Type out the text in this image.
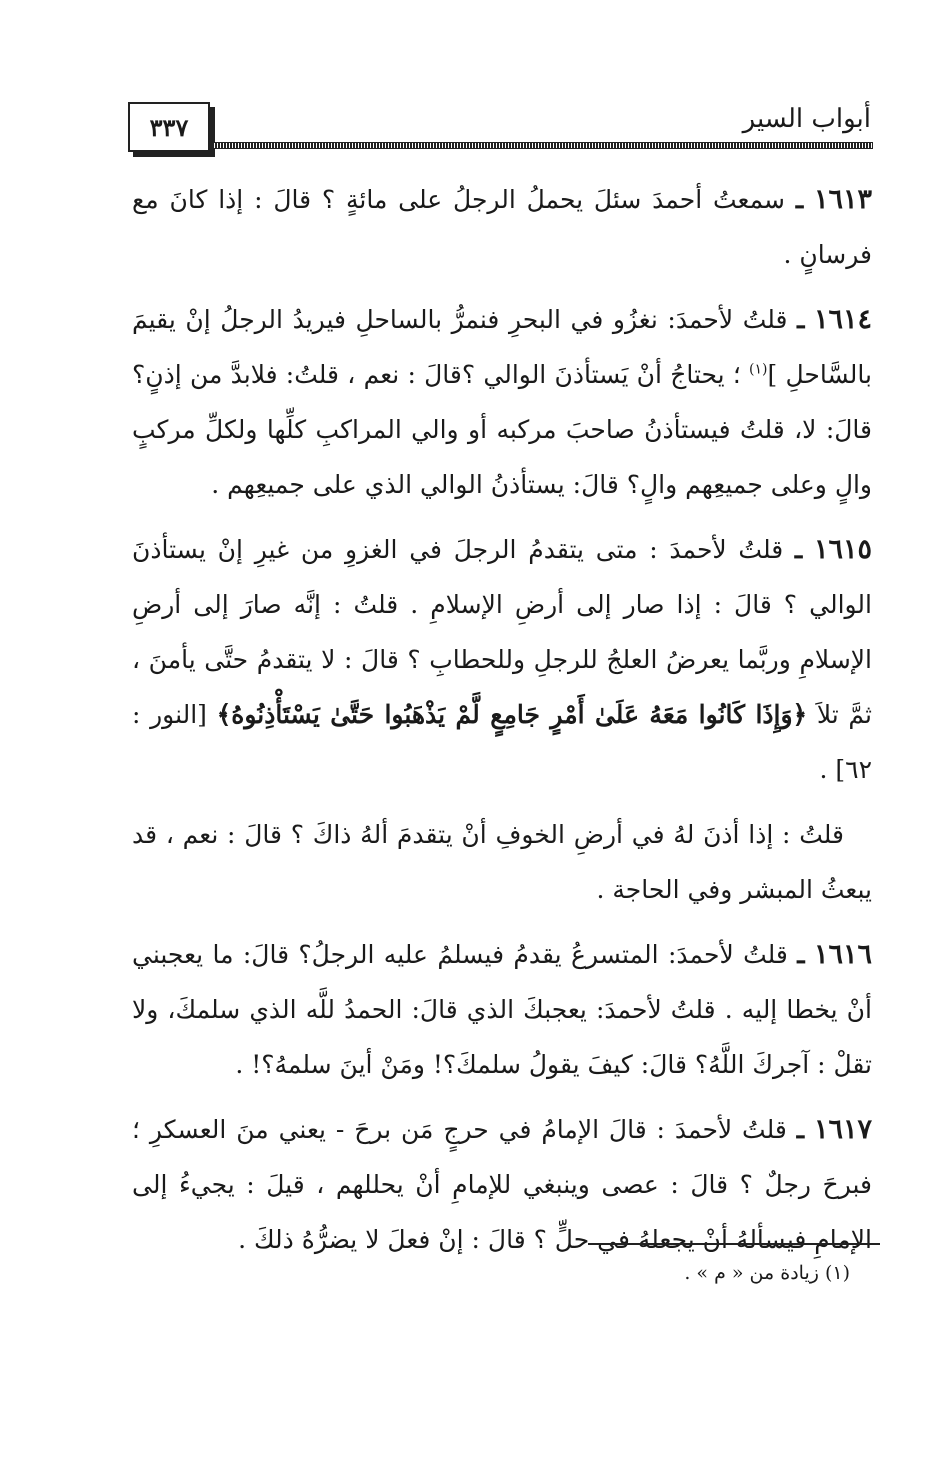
٣٣٧	أبواب السير

١٦١٣ ـ سمعتُ أحمدَ سئلَ يحملُ الرجلُ على مائةٍ ؟ قالَ : إذا كانَ مع فرسانٍ .

١٦١٤ ـ قلتُ لأحمدَ: نغزُو في البحرِ فنمرُّ بالساحلِ فيريدُ الرجلُ إنْ يقيمَ بالسَّاحلِ ]$^{(١)}$ ؛ يحتاجُ أنْ يَستأذنَ الوالي ؟قالَ : نعم ، قلتُ: فلابدَّ من إذنٍ؟ قالَ: لا، قلتُ فيستأذنُ صاحبَ مركبه أو والي المراكبِ كلِّها ولكلِّ مركبٍ والٍ وعلى جميعِهم والٍ؟ قالَ: يستأذنُ الوالي الذي على جميعِهم .

١٦١٥ ـ قلتُ لأحمدَ : متى يتقدمُ الرجلَ في الغزوِ من غيرِ إنْ يستأذنَ الوالي ؟ قالَ : إذا صار إلى أرضِ الإسلامِ . قلتُ : إنَّه صارَ إلى أرضِ الإسلامِ وربَّما يعرضُ العلجُ للرجلِ وللحطابِ ؟ قالَ : لا يتقدمُ حتَّى يأمنَ ، ثمَّ تلاَ ﴿وَإِذَا كَانُوا مَعَهُ عَلَىٰ أَمْرٍ جَامِعٍ لَّمْ يَذْهَبُوا حَتَّىٰ يَسْتَأْذِنُوهُ﴾ [النور : ٦٢] .

قلتُ : إذا أذنَ لهُ في أرضِ الخوفِ أنْ يتقدمَ ألهُ ذاكَ ؟ قالَ : نعم ، قد يبعثُ المبشر وفي الحاجة .

١٦١٦ ـ قلتُ لأحمدَ: المتسرعُ يقدمُ فيسلمُ عليه الرجلُ؟ قالَ: ما يعجبني أنْ يخطا إليه . قلتُ لأحمدَ: يعجبكَ الذي قالَ: الحمدُ للَّه الذي سلمكَ، ولا تقلْ : آجركَ اللَّهُ؟ قالَ: كيفَ يقولُ سلمكَ؟! ومَنْ أينَ سلمهُ؟! .

١٦١٧ ـ قلتُ لأحمدَ : قالَ الإمامُ في حرجٍ مَن برحَ - يعني منَ العسكرِ ؛ فبرحَ رجلٌ ؟ قالَ : عصى وينبغي للإمامِ أنْ يحللهم ، قيلَ : يجيءُ إلى الإمامِ فيسألهُ أنْ يجعلهُ في حلٍّ ؟ قالَ : إنْ فعلَ لا يضرُّهُ ذلكَ .

(١) زيادة من « م » .
